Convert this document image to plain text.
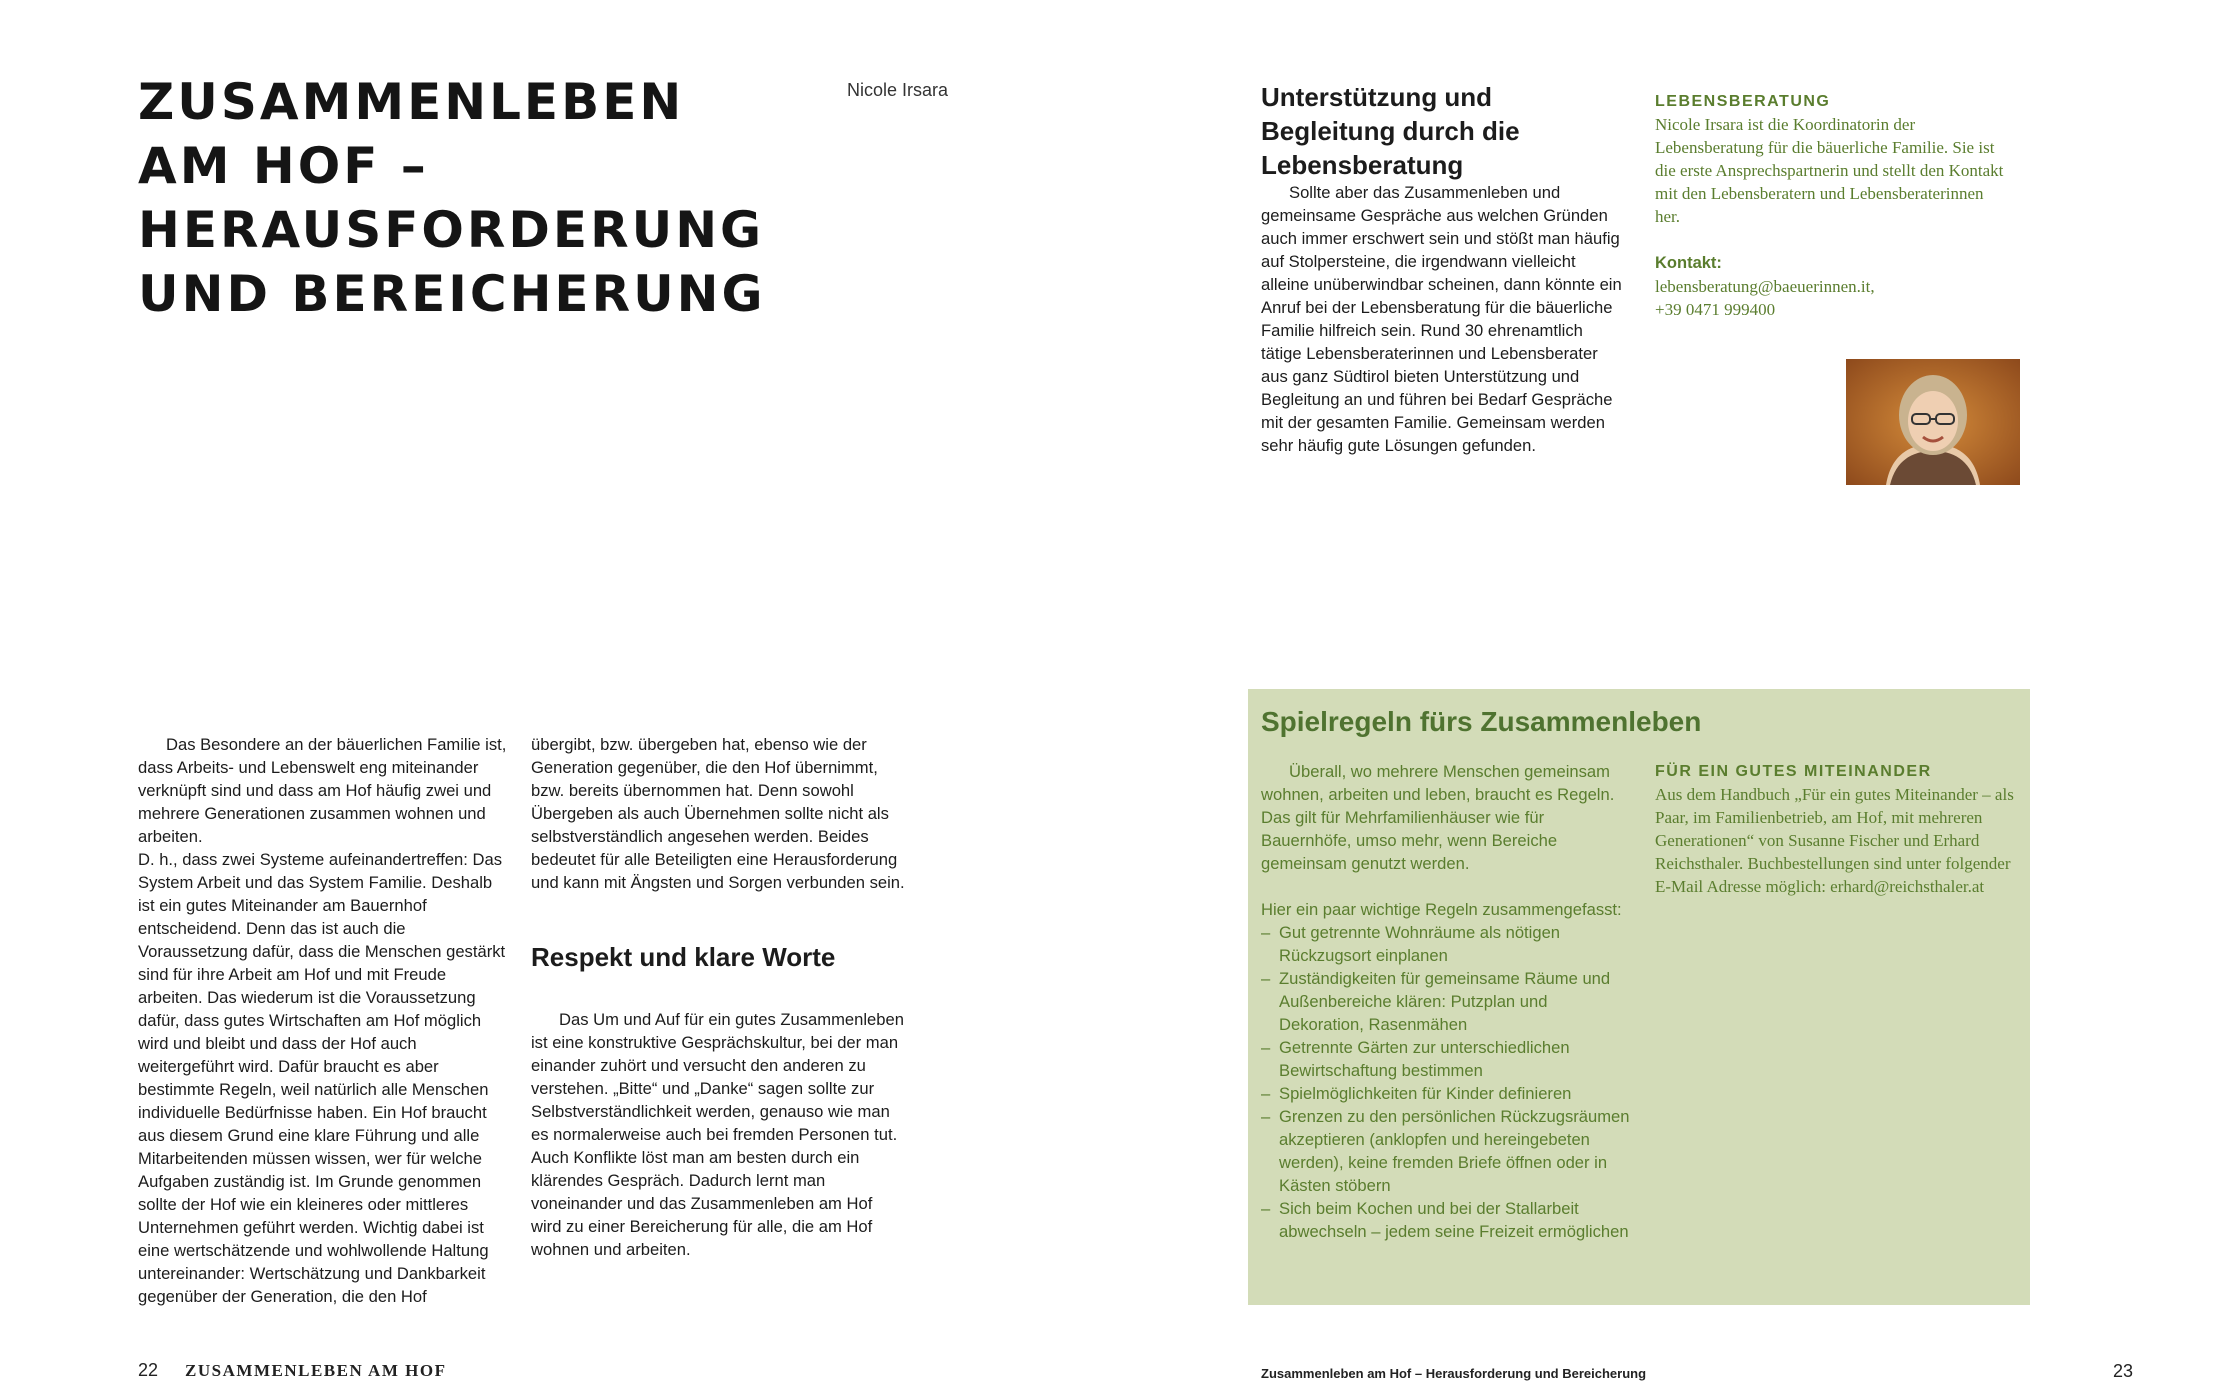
ZUSAMMENLEBEN
AM HOF –
HERAUSFORDERUNG
UND BEREICHERUNG
Nicole Irsara

Das Besondere an der bäuerlichen Familie ist, dass Arbeits- und Lebenswelt eng miteinander verknüpft sind und dass am Hof häufig zwei und mehrere Generationen zusammen wohnen und arbeiten.

D. h., dass zwei Systeme aufeinandertreffen: Das System Arbeit und das System Familie. Deshalb ist ein gutes Miteinander am Bauernhof entscheidend. Denn das ist auch die Voraussetzung dafür, dass die Menschen gestärkt sind für ihre Arbeit am Hof und mit Freude arbeiten. Das wiederum ist die Voraussetzung dafür, dass gutes Wirtschaften am Hof möglich wird und bleibt und dass der Hof auch weitergeführt wird. Dafür braucht es aber bestimmte Regeln, weil natürlich alle Menschen individuelle Bedürfnisse haben. Ein Hof braucht aus diesem Grund eine klare Führung und alle Mitarbeitenden müssen wissen, wer für welche Aufgaben zuständig ist. Im Grunde genommen sollte der Hof wie ein kleineres oder mittleres Unternehmen geführt werden. Wichtig dabei ist eine wertschätzende und wohlwollende Haltung untereinander: Wertschätzung und Dankbarkeit gegenüber der Generation, die den Hof

übergibt, bzw. übergeben hat, ebenso wie der Generation gegenüber, die den Hof übernimmt, bzw. bereits übernommen hat. Denn sowohl Übergeben als auch Übernehmen sollte nicht als selbstverständlich angesehen werden. Beides bedeutet für alle Beteiligten eine Herausforderung und kann mit Ängsten und Sorgen verbunden sein.

Respekt und klare Worte

Das Um und Auf für ein gutes Zusammenleben ist eine konstruktive Gesprächskultur, bei der man einander zuhört und versucht den anderen zu verstehen. „Bitte“ und „Danke“ sagen sollte zur Selbstverständlichkeit werden, genauso wie man es normalerweise auch bei fremden Personen tut. Auch Konflikte löst man am besten durch ein klärendes Gespräch. Dadurch lernt man voneinander und das Zusammenleben am Hof wird zu einer Bereicherung für alle, die am Hof wohnen und arbeiten.

Unterstützung und Begleitung durch die Lebensberatung

Sollte aber das Zusammenleben und gemeinsame Gespräche aus welchen Gründen auch immer erschwert sein und stößt man häufig auf Stolpersteine, die irgendwann vielleicht alleine unüberwindbar scheinen, dann könnte ein Anruf bei der Lebensberatung für die bäuerliche Familie hilfreich sein. Rund 30 ehrenamtlich tätige Lebensberaterinnen und Lebensberater aus ganz Südtirol bieten Unterstützung und Begleitung an und führen bei Bedarf Gespräche mit der gesamten Familie. Gemeinsam werden sehr häufig gute Lösungen gefunden.

LEBENSBERATUNG
Nicole Irsara ist die Koordinatorin der Lebensberatung für die bäuerliche Familie. Sie ist die erste Ansprechspartnerin und stellt den Kontakt mit den Lebensberatern und Lebensberaterinnen her.
Kontakt:
lebensberatung@baeuerinnen.it,
+39 0471 999400
Spielregeln fürs Zusammenleben

Überall, wo mehrere Menschen gemeinsam wohnen, arbeiten und leben, braucht es Regeln. Das gilt für Mehrfamilienhäuser wie für Bauernhöfe, umso mehr, wenn Bereiche gemeinsam genutzt werden.

Hier ein paar wichtige Regeln zusammengefasst:

– Gut getrennte Wohnräume als nötigen Rückzugsort einplanen
– Zuständigkeiten für gemeinsame Räume und Außenbereiche klären: Putzplan und Dekoration, Rasenmähen
– Getrennte Gärten zur unterschiedlichen Bewirtschaftung bestimmen
– Spielmöglichkeiten für Kinder definieren
– Grenzen zu den persönlichen Rückzugsräumen akzeptieren (anklopfen und hereingebeten werden), keine fremden Briefe öffnen oder in Kästen stöbern
– Sich beim Kochen und bei der Stallarbeit abwechseln – jedem seine Freizeit ermöglichen
FÜR EIN GUTES MITEINANDER
Aus dem Handbuch „Für ein gutes Miteinander – als Paar, im Familienbetrieb, am Hof, mit mehreren Generationen“ von Susanne Fischer und Erhard Reichsthaler. Buchbestellungen sind unter folgender E-Mail Adresse möglich: erhard@reichsthaler.at
22 ZUSAMMENLEBEN AM HOF	Zusammenleben am Hof – Herausforderung und Bereicherung	23
